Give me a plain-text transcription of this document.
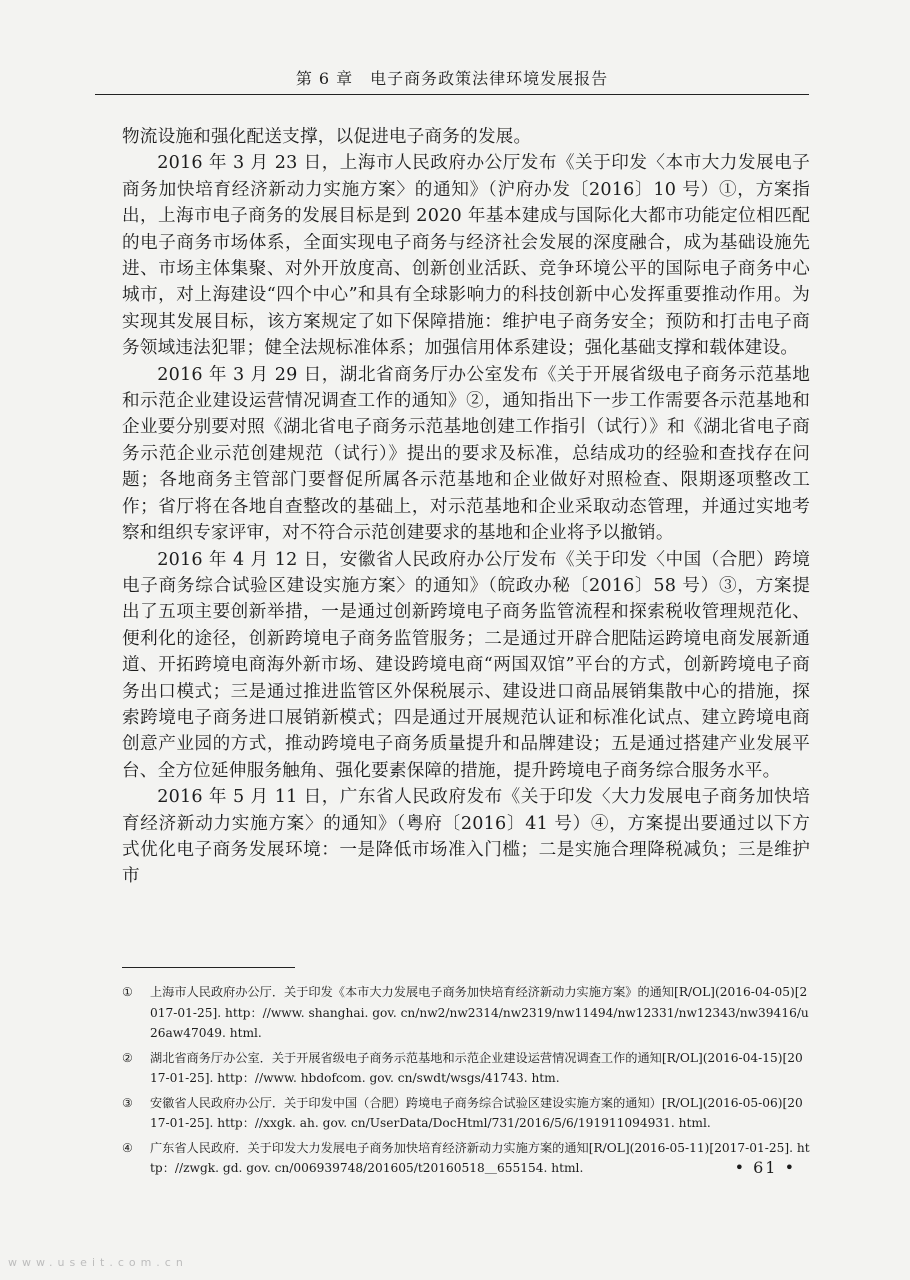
第 6 章　电子商务政策法律环境发展报告

物流设施和强化配送支撑，以促进电子商务的发展。

2016 年 3 月 23 日，上海市人民政府办公厅发布《关于印发〈本市大力发展电子商务加快培育经济新动力实施方案〉的通知》（沪府办发〔2016〕10 号）①，方案指出，上海市电子商务的发展目标是到 2020 年基本建成与国际化大都市功能定位相匹配的电子商务市场体系，全面实现电子商务与经济社会发展的深度融合，成为基础设施先进、市场主体集聚、对外开放度高、创新创业活跃、竞争环境公平的国际电子商务中心城市，对上海建设“四个中心”和具有全球影响力的科技创新中心发挥重要推动作用。为实现其发展目标，该方案规定了如下保障措施：维护电子商务安全；预防和打击电子商务领域违法犯罪；健全法规标准体系；加强信用体系建设；强化基础支撑和载体建设。

2016 年 3 月 29 日，湖北省商务厅办公室发布《关于开展省级电子商务示范基地和示范企业建设运营情况调查工作的通知》②，通知指出下一步工作需要各示范基地和企业要分别要对照《湖北省电子商务示范基地创建工作指引（试行）》和《湖北省电子商务示范企业示范创建规范（试行）》提出的要求及标准，总结成功的经验和查找存在问题；各地商务主管部门要督促所属各示范基地和企业做好对照检查、限期逐项整改工作；省厅将在各地自查整改的基础上，对示范基地和企业采取动态管理，并通过实地考察和组织专家评审，对不符合示范创建要求的基地和企业将予以撤销。

2016 年 4 月 12 日，安徽省人民政府办公厅发布《关于印发〈中国（合肥）跨境电子商务综合试验区建设实施方案〉的通知》（皖政办秘〔2016〕58 号）③，方案提出了五项主要创新举措，一是通过创新跨境电子商务监管流程和探索税收管理规范化、便利化的途径，创新跨境电子商务监管服务；二是通过开辟合肥陆运跨境电商发展新通道、开拓跨境电商海外新市场、建设跨境电商“两国双馆”平台的方式，创新跨境电子商务出口模式；三是通过推进监管区外保税展示、建设进口商品展销集散中心的措施，探索跨境电子商务进口展销新模式；四是通过开展规范认证和标准化试点、建立跨境电商创意产业园的方式，推动跨境电子商务质量提升和品牌建设；五是通过搭建产业发展平台、全方位延伸服务触角、强化要素保障的措施，提升跨境电子商务综合服务水平。

2016 年 5 月 11 日，广东省人民政府发布《关于印发〈大力发展电子商务加快培育经济新动力实施方案〉的通知》（粤府〔2016〕41 号）④，方案提出要通过以下方式优化电子商务发展环境：一是降低市场准入门槛；二是实施合理降税减负；三是维护市

①	上海市人民政府办公厅．关于印发《本市大力发展电子商务加快培育经济新动力实施方案》的通知[R/OL](2016-04-05)[2017-01-25]. http：//www. shanghai. gov. cn/nw2/nw2314/nw2319/nw11494/nw12331/nw12343/nw39416/u26aw47049. html.
②	湖北省商务厅办公室．关于开展省级电子商务示范基地和示范企业建设运营情况调查工作的通知[R/OL](2016-04-15)[2017-01-25]. http：//www. hbdofcom. gov. cn/swdt/wsgs/41743. htm.
③	安徽省人民政府办公厅．关于印发中国（合肥）跨境电子商务综合试验区建设实施方案的通知）[R/OL](2016-05-06)[2017-01-25]. http：//xxgk. ah. gov. cn/UserData/DocHtml/731/2016/5/6/191911094931. html.
④	广东省人民政府．关于印发大力发展电子商务加快培育经济新动力实施方案的通知[R/OL](2016-05-11)[2017-01-25]. http：//zwgk. gd. gov. cn/006939748/201605/t20160518＿655154. html.	• 61 •
www.useit.com.cn
